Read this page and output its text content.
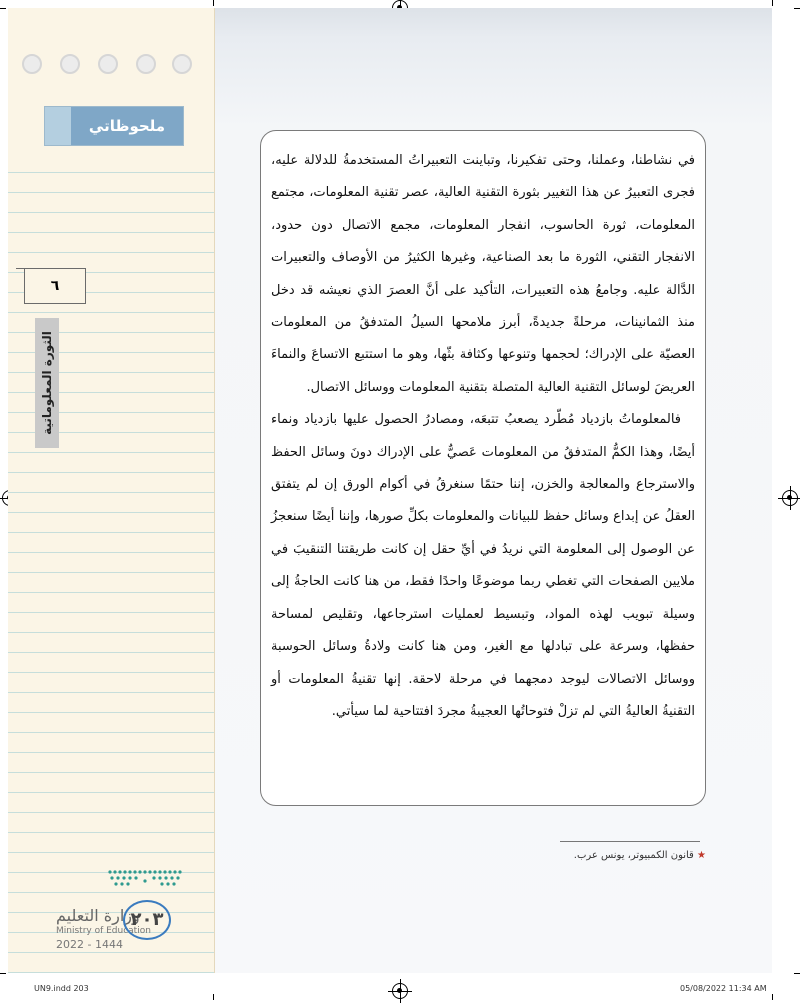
ملحوظاتي
٦
الثورة المعلوماتية

في نشاطنا، وعملنا، وحتى تفكيرنا، وتباينت التعبيراتُ المستخدمةُ للدلالة عليه، فجرى التعبيرُ عن هذا التغيير بثورة التقنية العالية، عصر تقنية المعلومات، مجتمع المعلومات، ثورة الحاسوب، انفجار المعلومات، مجمع الاتصال دون حدود، الانفجار التقني، الثورة ما بعد الصناعية، وغيرها الكثيرُ من الأوصاف والتعبيرات الدَّالة عليه. وجامعُ هذه التعبيرات، التأكيد على أنَّ العصرَ الذي نعيشه قد دخل منذ الثمانينات، مرحلةً جديدةً، أبرز ملامحها السيلُ المتدفقُ من المعلومات العصيّة على الإدراك؛ لحجمها وتنوعها وكثافة بثّها، وهو ما استتبع الاتساعَ والنماءَ العريضَ لوسائل التقنية العالية المتصلة بتقنية المعلومات ووسائل الاتصال.

فالمعلوماتُ بازدياد مُطّرد يصعبُ تتبعَه، ومصادرُ الحصول عليها بازدياد ونماء أيضًا، وهذا الكمُّ المتدفقُ من المعلومات عَصيٌّ على الإدراك دونَ وسائل الحفظ والاسترجاع والمعالجة والخزن، إننا حتمًا سنغرقُ في أكوام الورق إن لم يتفتق العقلُ عن إبداع وسائل حفظ للبيانات والمعلومات بكلِّ صورها، وإننا أيضًا سنعجزُ عن الوصول إلى المعلومة التي نريدُ في أيِّ حقل إن كانت طريقتنا التنقيبَ في ملايين الصفحات التي تغطي ربما موضوعًا واحدًا فقط، من هنا كانت الحاجةُ إلى وسيلة تبويب لهذه المواد، وتبسيط لعمليات استرجاعها، وتقليص لمساحة حفظها، وسرعة على تبادلها مع الغير، ومن هنا كانت ولادةُ وسائل الحوسبة ووسائل الاتصالات ليوجد دمجهما في مرحلة لاحقة. إنها تقنيةُ المعلومات أو التقنيةُ العاليةُ التي لم تزلْ فتوحاتُها العجيبةُ مجردَ افتتاحية لما سيأتي.

★ قانون الكمبيوتر، يونس عرب.
وزارة التعليم
Ministry of Education
2022 - 1444
٢٠٣
UN9.indd 203	05/08/2022 11:34 AM
